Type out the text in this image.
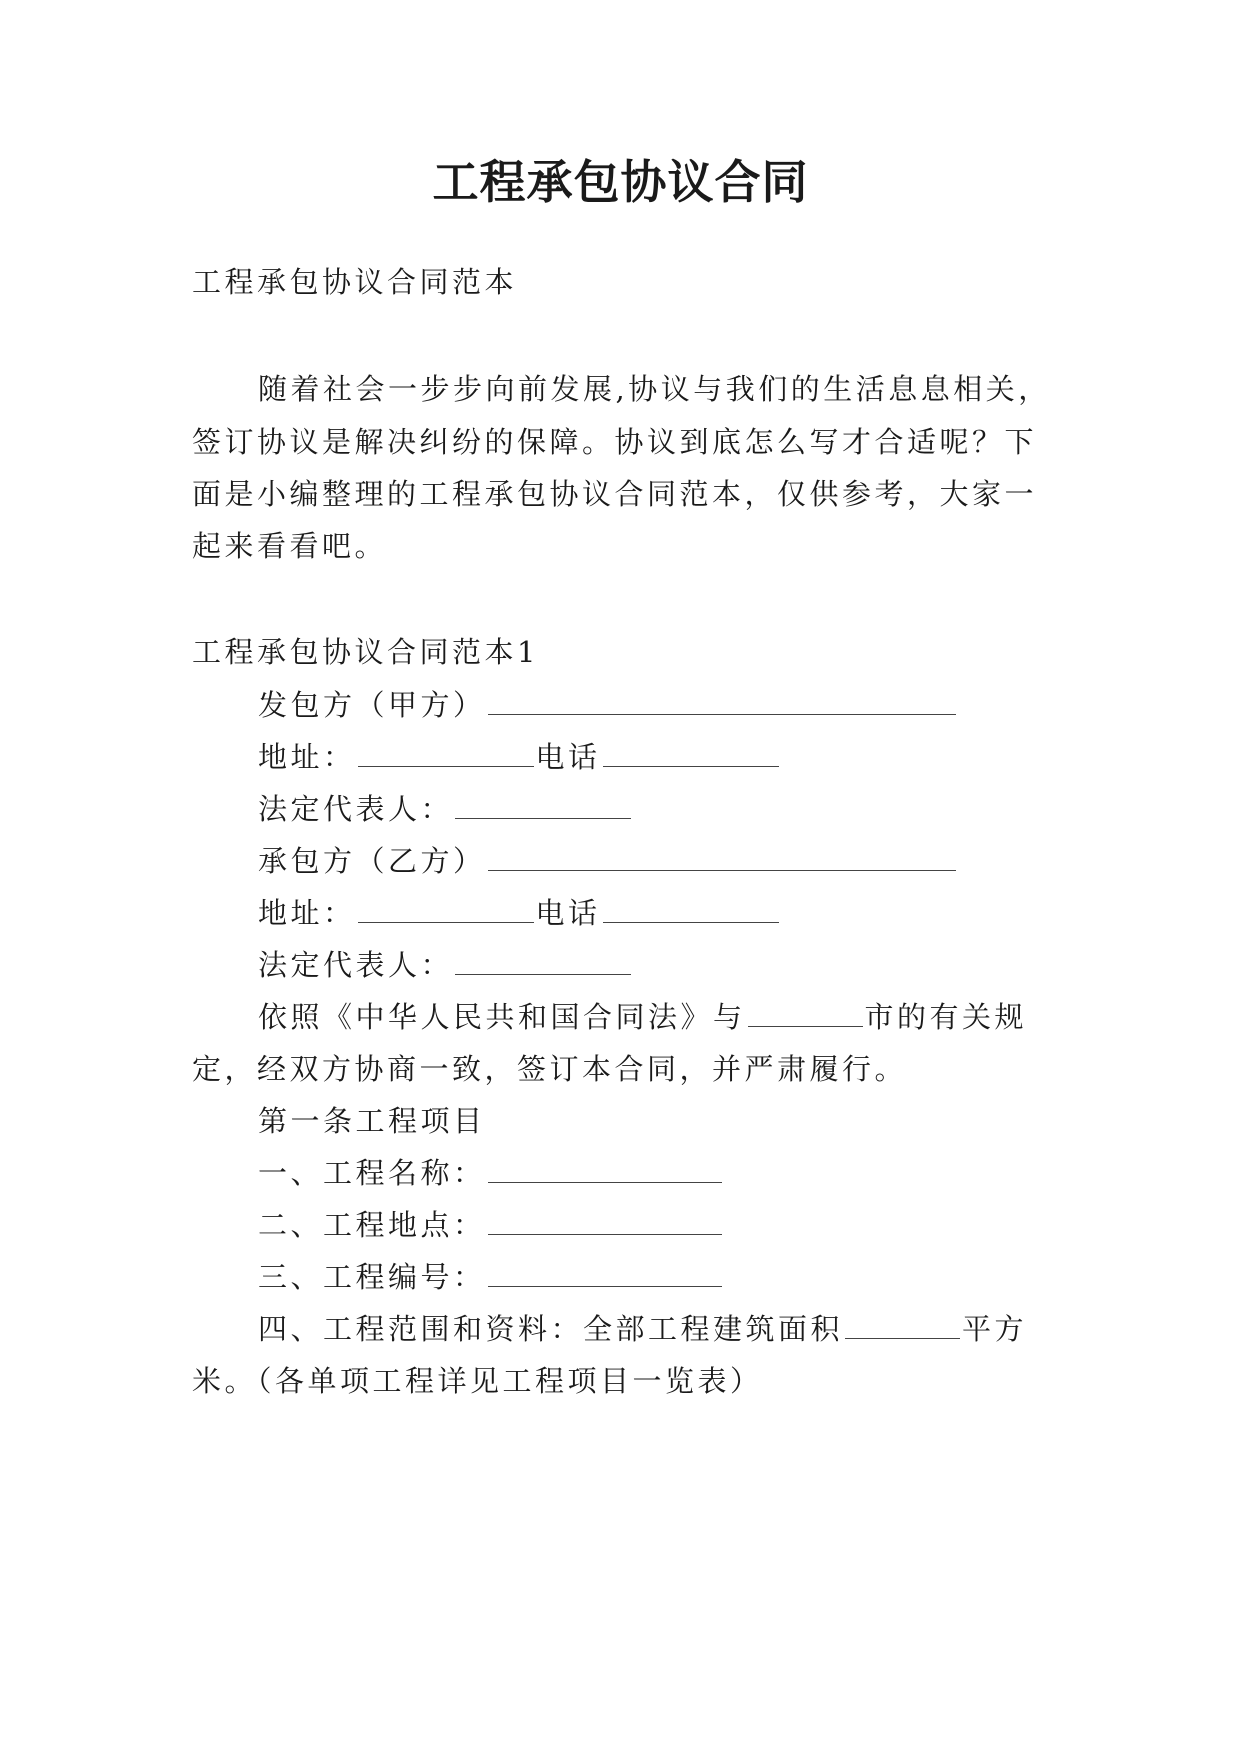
工程承包协议合同
工程承包协议合同范本
随着社会一步步向前发展,协议与我们的生活息息相关，
签订协议是解决纠纷的保障。协议到底怎么写才合适呢？下
面是小编整理的工程承包协议合同范本，仅供参考，大家一
起来看看吧。
工程承包协议合同范本1
发包方（甲方）
地址：	电话
法定代表人：
承包方（乙方）
地址：	电话
法定代表人：
依照《中华人民共和国合同法》与	市的有关规
定，经双方协商一致，签订本合同，并严肃履行。
第一条工程项目
一、工程名称：
二、工程地点：
三、工程编号：
四、工程范围和资料：全部工程建筑面积	平方
米。（各单项工程详见工程项目一览表）
